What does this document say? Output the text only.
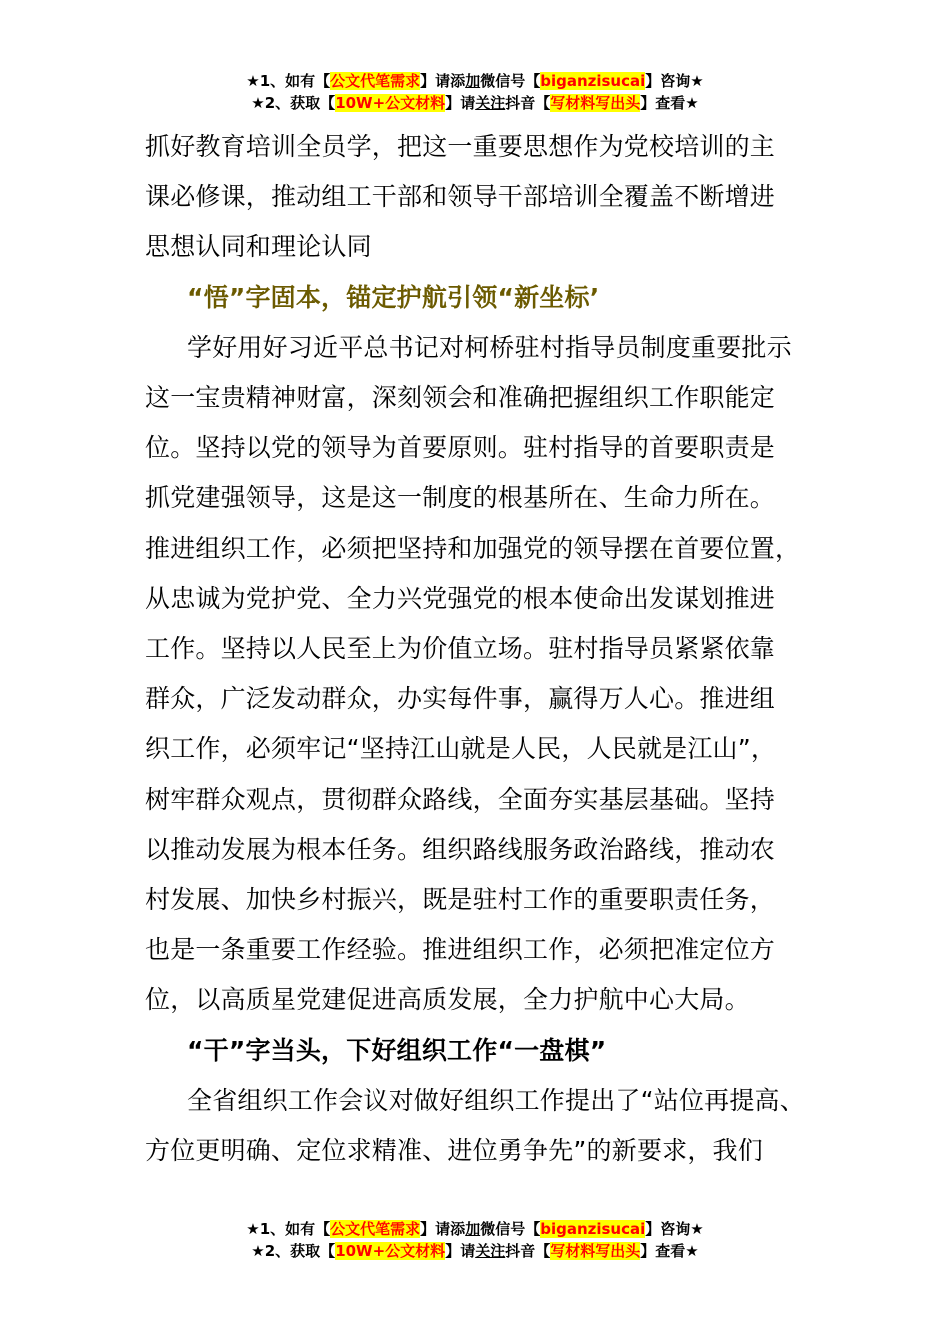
★1、如有【公文代笔需求】请添加微信号【biganzisucai】咨询★
★2、获取【10W+公文材料】请关注抖音【写材料写出头】查看★

抓好教育培训全员学，把这一重要思想作为党校培训的主
课必修课，推动组工干部和领导干部培训全覆盖不断增进
思想认同和理论认同

“悟”字固本，锚定护航引领“新坐标’

学好用好习近平总书记对柯桥驻村指导员制度重要批示
这一宝贵精神财富，深刻领会和准确把握组织工作职能定
位。坚持以党的领导为首要原则。驻村指导的首要职责是
抓党建强领导，这是这一制度的根基所在、生命力所在。
推进组织工作，必须把坚持和加强党的领导摆在首要位置，
从忠诚为党护党、全力兴党强党的根本使命出发谋划推进
工作。坚持以人民至上为价值立场。驻村指导员紧紧依靠
群众，广泛发动群众，办实每件事，赢得万人心。推进组
织工作，必须牢记“坚持江山就是人民，人民就是江山”，
树牢群众观点，贯彻群众路线，全面夯实基层基础。坚持
以推动发展为根本任务。组织路线服务政治路线，推动农
村发展、加快乡村振兴，既是驻村工作的重要职责任务，
也是一条重要工作经验。推进组织工作，必须把准定位方
位，以高质星党建促进高质发展，全力护航中心大局。

“干”字当头，下好组织工作“一盘棋”

全省组织工作会议对做好组织工作提出了“站位再提高、
方位更明确、定位求精准、进位勇争先”的新要求，我们

★1、如有【公文代笔需求】请添加微信号【biganzisucai】咨询★
★2、获取【10W+公文材料】请关注抖音【写材料写出头】查看★
